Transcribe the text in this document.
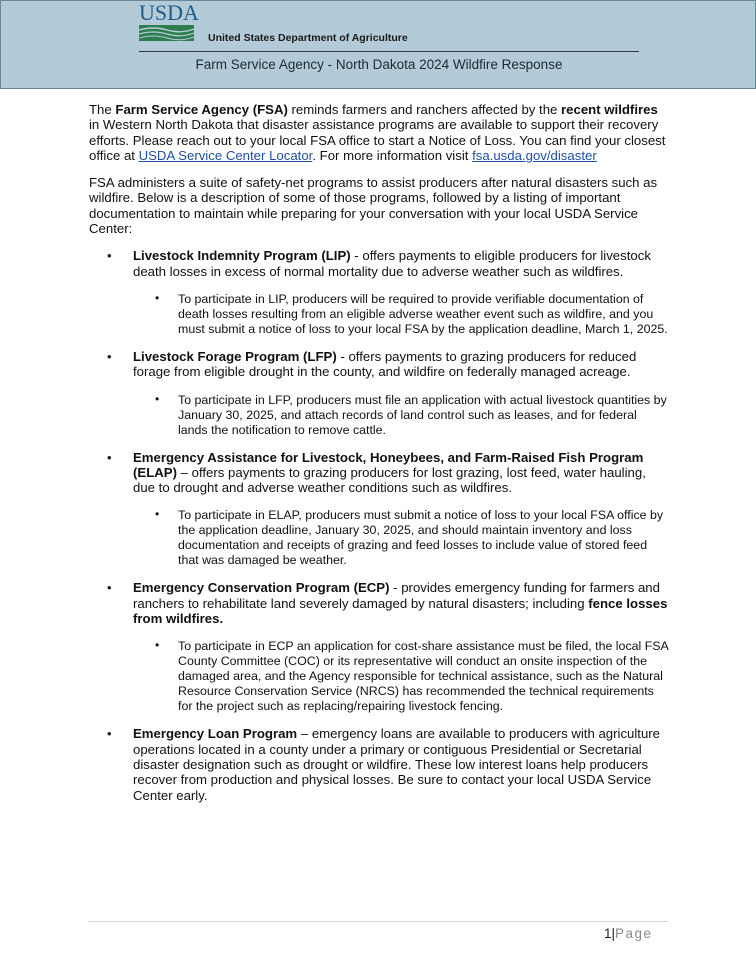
USDA
United States Department of Agriculture
Farm Service Agency - North Dakota 2024 Wildfire Response

The Farm Service Agency (FSA) reminds farmers and ranchers affected by the recent wildfires in Western North Dakota that disaster assistance programs are available to support their recovery efforts. Please reach out to your local FSA office to start a Notice of Loss. You can find your closest office at USDA Service Center Locator. For more information visit fsa.usda.gov/disaster

FSA administers a suite of safety-net programs to assist producers after natural disasters such as wildfire. Below is a description of some of those programs, followed by a listing of important documentation to maintain while preparing for your conversation with your local USDA Service Center:

• Livestock Indemnity Program (LIP) - offers payments to eligible producers for livestock death losses in excess of normal mortality due to adverse weather such as wildfires.
• To participate in LIP, producers will be required to provide verifiable documentation of death losses resulting from an eligible adverse weather event such as wildfire, and you must submit a notice of loss to your local FSA by the application deadline, March 1, 2025.
• Livestock Forage Program (LFP) - offers payments to grazing producers for reduced forage from eligible drought in the county, and wildfire on federally managed acreage.
• To participate in LFP, producers must file an application with actual livestock quantities by January 30, 2025, and attach records of land control such as leases, and for federal lands the notification to remove cattle.
• Emergency Assistance for Livestock, Honeybees, and Farm-Raised Fish Program (ELAP) – offers payments to grazing producers for lost grazing, lost feed, water hauling, due to drought and adverse weather conditions such as wildfires.
• To participate in ELAP, producers must submit a notice of loss to your local FSA office by the application deadline, January 30, 2025, and should maintain inventory and loss documentation and receipts of grazing and feed losses to include value of stored feed that was damaged be weather.
• Emergency Conservation Program (ECP) - provides emergency funding for farmers and ranchers to rehabilitate land severely damaged by natural disasters; including fence losses from wildfires.
• To participate in ECP an application for cost-share assistance must be filed, the local FSA County Committee (COC) or its representative will conduct an onsite inspection of the damaged area, and the Agency responsible for technical assistance, such as the Natural Resource Conservation Service (NRCS) has recommended the technical requirements for the project such as replacing/repairing livestock fencing.
• Emergency Loan Program – emergency loans are available to producers with agriculture operations located in a county under a primary or contiguous Presidential or Secretarial disaster designation such as drought or wildfire. These low interest loans help producers recover from production and physical losses. Be sure to contact your local USDA Service Center early.
1|Page
